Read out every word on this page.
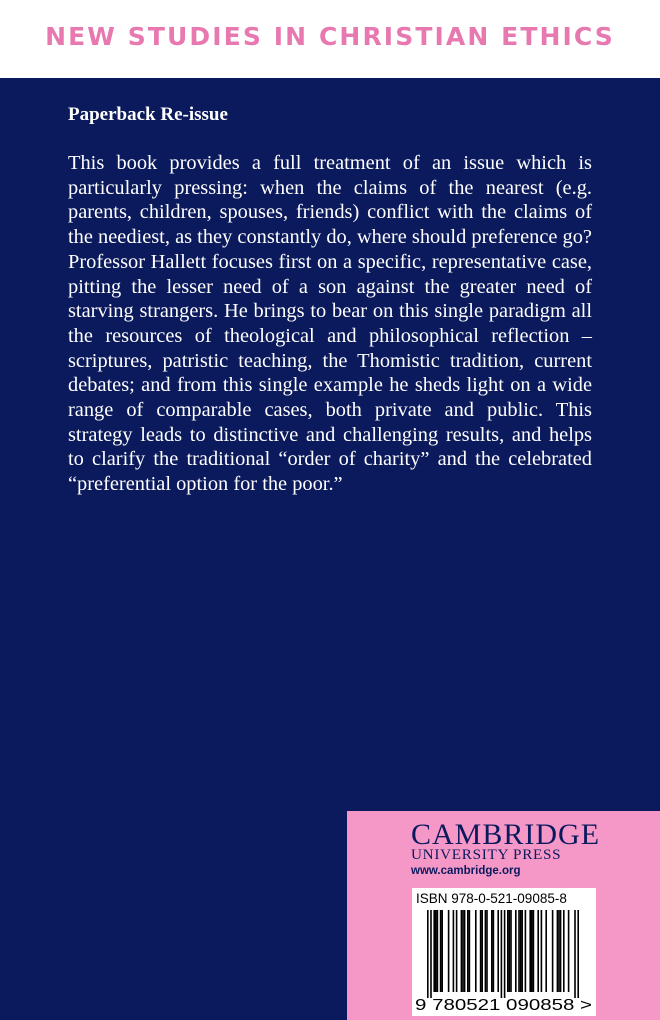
NEW STUDIES IN CHRISTIAN ETHICS
Paperback Re-issue

This book provides a full treatment of an issue which is particularly pressing: when the claims of the nearest (e.g. parents, children, spouses, friends) conflict with the claims of the neediest, as they constantly do, where should preference go? Professor Hallett focuses first on a specific, representative case, pitting the lesser need of a son against the greater need of starving strangers. He brings to bear on this single paradigm all the resources of theological and philosophical reflection – scriptures, patristic teaching, the Thomistic tradition, current debates; and from this single example he sheds light on a wide range of comparable cases, both private and public. This strategy leads to distinctive and challenging results, and helps to clarify the traditional “order of charity” and the celebrated “preferential option for the poor.”

CAMBRIDGE
UNIVERSITY PRESS
www.cambridge.org
ISBN 978-0-521-09085-8
9 780521 090858 >
